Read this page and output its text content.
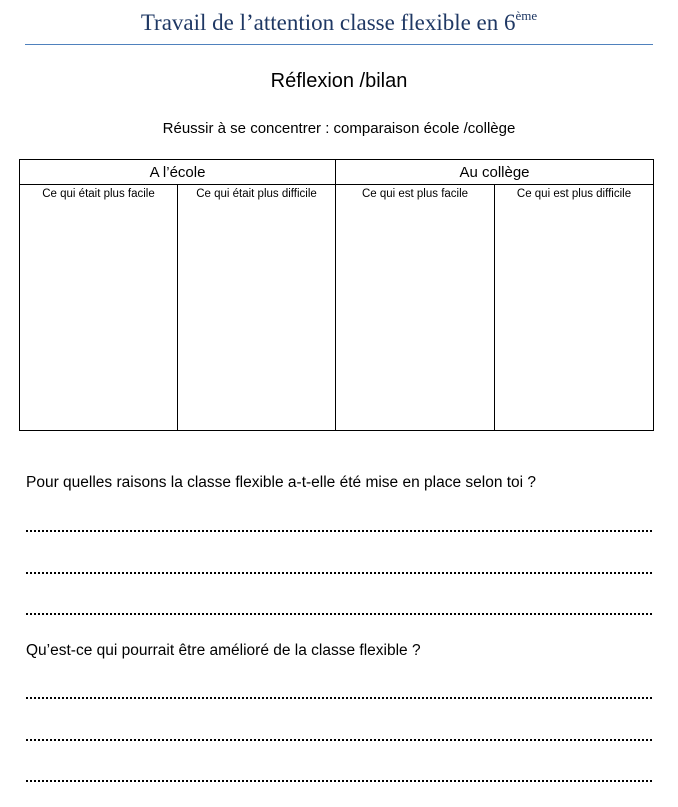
Travail de l’attention classe flexible en 6ème
Réflexion /bilan
Réussir à se concentrer : comparaison école /collège
A l’école		Au collège	
Ce qui était plus facile	Ce qui était plus difficile	Ce qui est plus facile	Ce qui est plus difficile
Pour quelles raisons la classe flexible a-t-elle été mise en place selon toi ?
Qu’est-ce qui pourrait être amélioré de la classe flexible ?
